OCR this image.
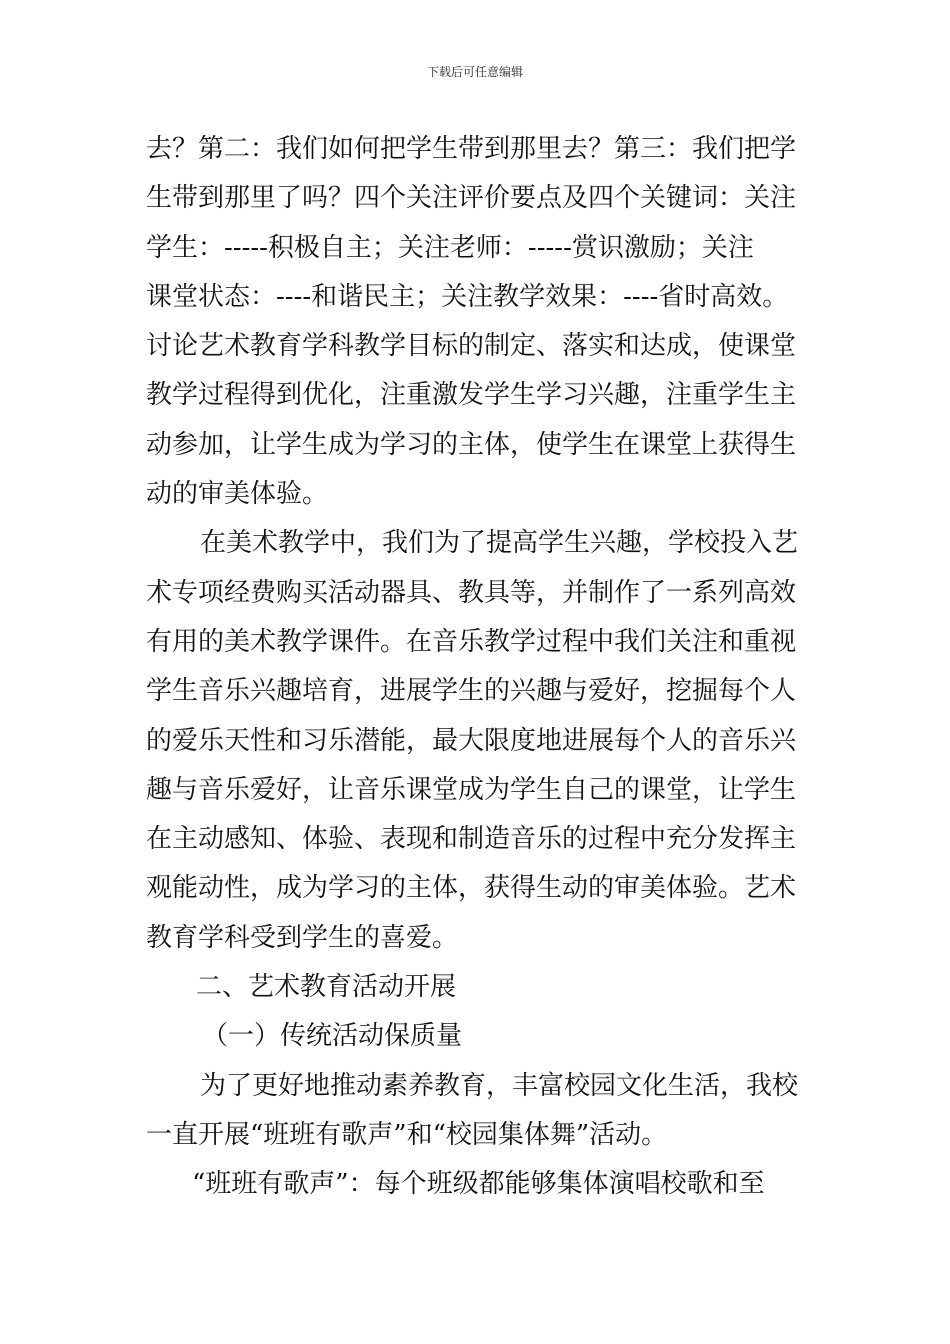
下载后可任意编辑
去？第二：我们如何把学生带到那里去？第三：我们把学
生带到那里了吗？四个关注评价要点及四个关键词：关注
学生：-----积极自主；关注老师：-----赏识激励；关注
课堂状态：----和谐民主；关注教学效果：----省时高效。
讨论艺术教育学科教学目标的制定、落实和达成，使课堂
教学过程得到优化，注重激发学生学习兴趣，注重学生主
动参加，让学生成为学习的主体，使学生在课堂上获得生
动的审美体验。
在美术教学中，我们为了提高学生兴趣，学校投入艺
术专项经费购买活动器具、教具等，并制作了一系列高效
有用的美术教学课件。在音乐教学过程中我们关注和重视
学生音乐兴趣培育，进展学生的兴趣与爱好，挖掘每个人
的爱乐天性和习乐潜能，最大限度地进展每个人的音乐兴
趣与音乐爱好，让音乐课堂成为学生自己的课堂，让学生
在主动感知、体验、表现和制造音乐的过程中充分发挥主
观能动性，成为学习的主体，获得生动的审美体验。艺术
教育学科受到学生的喜爱。
二、艺术教育活动开展
（一）传统活动保质量
为了更好地推动素养教育，丰富校园文化生活，我校
一直开展“班班有歌声”和“校园集体舞”活动。
“班班有歌声”：每个班级都能够集体演唱校歌和至
